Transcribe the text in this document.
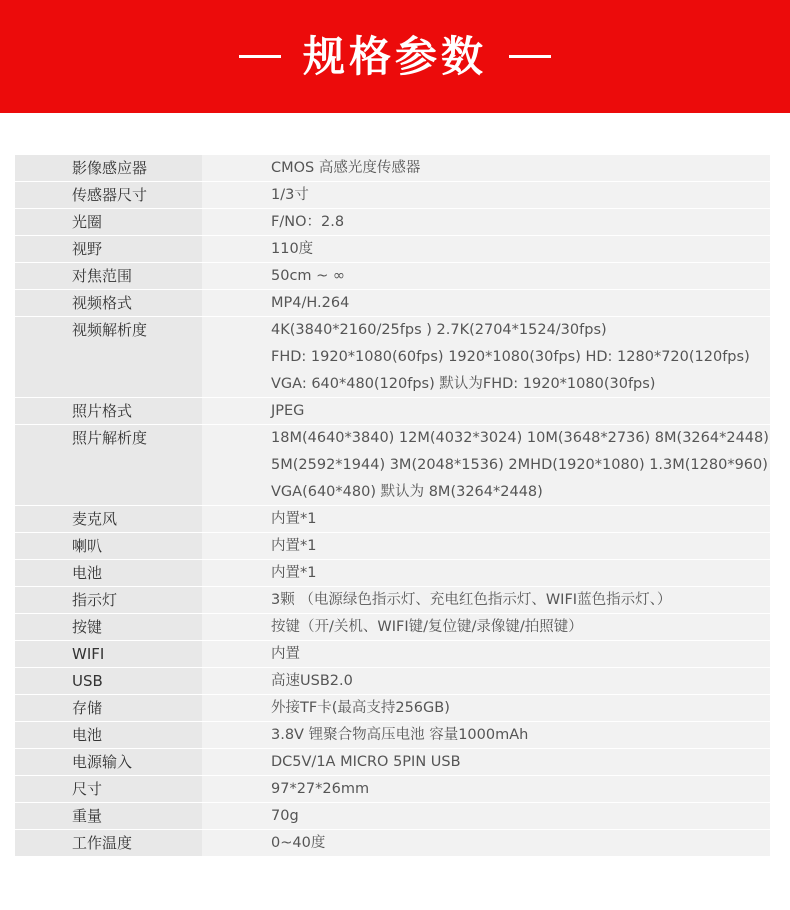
规格参数
影像感应器	CMOS 高感光度传感器
传感器尺寸	1/3寸
光圈	F/NO：2.8
视野	110度
对焦范围	50cm ~ ∞
视频格式	MP4/H.264
视频解析度	4K(3840*2160/25fps ) 2.7K(2704*1524/30fps)
FHD: 1920*1080(60fps) 1920*1080(30fps) HD: 1280*720(120fps)
VGA: 640*480(120fps) 默认为FHD: 1920*1080(30fps)
照片格式	JPEG
照片解析度	18M(4640*3840) 12M(4032*3024) 10M(3648*2736) 8M(3264*2448)
5M(2592*1944) 3M(2048*1536) 2MHD(1920*1080) 1.3M(1280*960)
VGA(640*480) 默认为 8M(3264*2448)
麦克风	内置*1
喇叭	内置*1
电池	内置*1
指示灯	3颗 （电源绿色指示灯、充电红色指示灯、WIFI蓝色指示灯、）
按键	按键（开/关机、WIFI键/复位键/录像键/拍照键）
WIFI	内置
USB	高速USB2.0
存储	外接TF卡(最高支持256GB)
电池	3.8V 锂聚合物高压电池 容量1000mAh
电源输入	DC5V/1A MICRO 5PIN USB
尺寸	97*27*26mm
重量	70g
工作温度	0~40度
